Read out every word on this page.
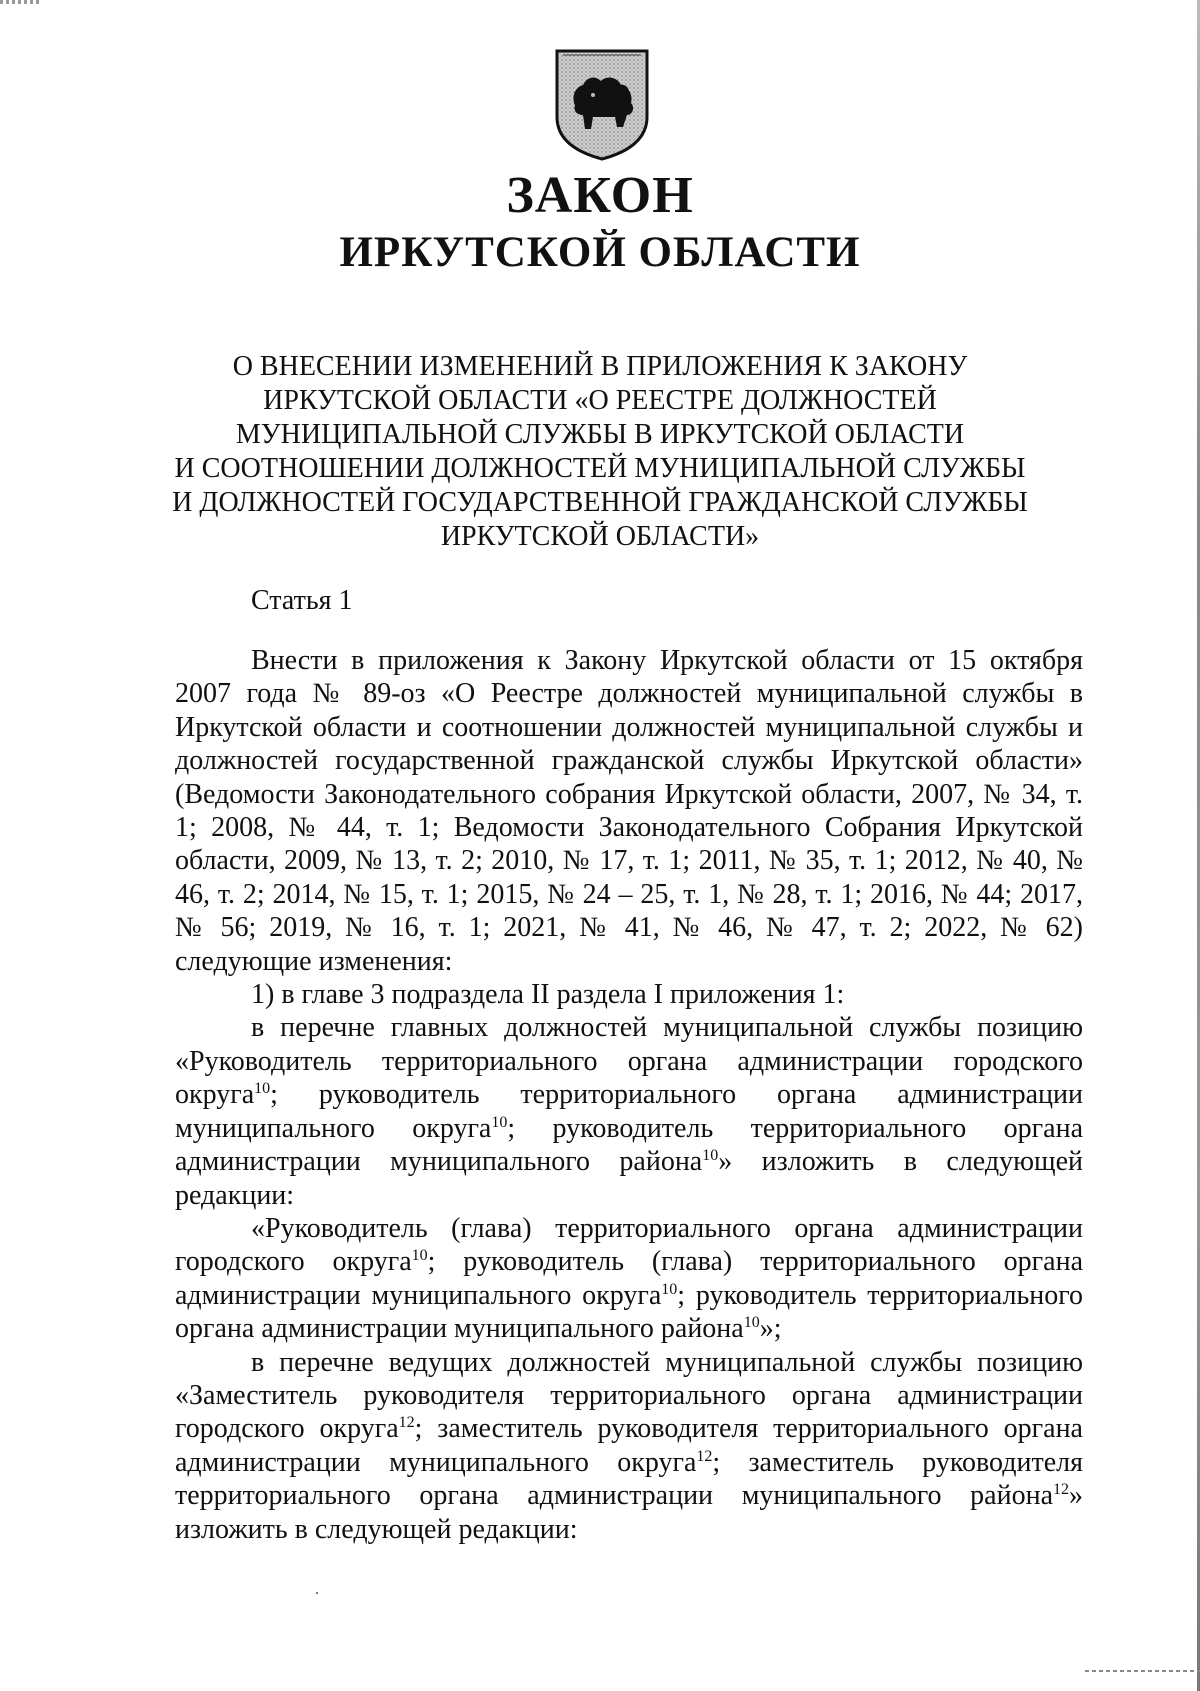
ЗАКОН
ИРКУТСКОЙ ОБЛАСТИ
О ВНЕСЕНИИ ИЗМЕНЕНИЙ В ПРИЛОЖЕНИЯ К ЗАКОНУ
ИРКУТСКОЙ ОБЛАСТИ «О РЕЕСТРЕ ДОЛЖНОСТЕЙ
МУНИЦИПАЛЬНОЙ СЛУЖБЫ В ИРКУТСКОЙ ОБЛАСТИ
И СООТНОШЕНИИ ДОЛЖНОСТЕЙ МУНИЦИПАЛЬНОЙ СЛУЖБЫ
И ДОЛЖНОСТЕЙ ГОСУДАРСТВЕННОЙ ГРАЖДАНСКОЙ СЛУЖБЫ
ИРКУТСКОЙ ОБЛАСТИ»
Статья 1

Внести в приложения к Закону Иркутской области от 15 октября 2007 года № 89-оз «О Реестре должностей муниципальной службы в Иркутской области и соотношении должностей муниципальной службы и должностей государственной гражданской службы Иркутской области» (Ведомости Законодательного собрания Иркутской области, 2007, № 34, т. 1; 2008, № 44, т. 1; Ведомости Законодательного Собрания Иркутской области, 2009, № 13, т. 2; 2010, № 17, т. 1; 2011, № 35, т. 1; 2012, № 40, № 46, т. 2; 2014, № 15, т. 1; 2015, № 24 – 25, т. 1, № 28, т. 1; 2016, № 44; 2017, № 56; 2019, № 16, т. 1; 2021, № 41, № 46, № 47, т. 2; 2022, № 62) следующие изменения:

1) в главе 3 подраздела II раздела I приложения 1:

в перечне главных должностей муниципальной службы позицию «Руководитель территориального органа администрации городского округа$^{10}$; руководитель территориального органа администрации муниципального округа$^{10}$; руководитель территориального органа администрации муниципального района$^{10}$» изложить в следующей редакции:

«Руководитель (глава) территориального органа администрации городского округа$^{10}$; руководитель (глава) территориального органа администрации муниципального округа$^{10}$; руководитель территориального органа администрации муниципального района$^{10}$»;

в перечне ведущих должностей муниципальной службы позицию «Заместитель руководителя территориального органа администрации городского округа$^{12}$; заместитель руководителя территориального органа администрации муниципального округа$^{12}$; заместитель руководителя территориального органа администрации муниципального района$^{12}$» изложить в следующей редакции:
